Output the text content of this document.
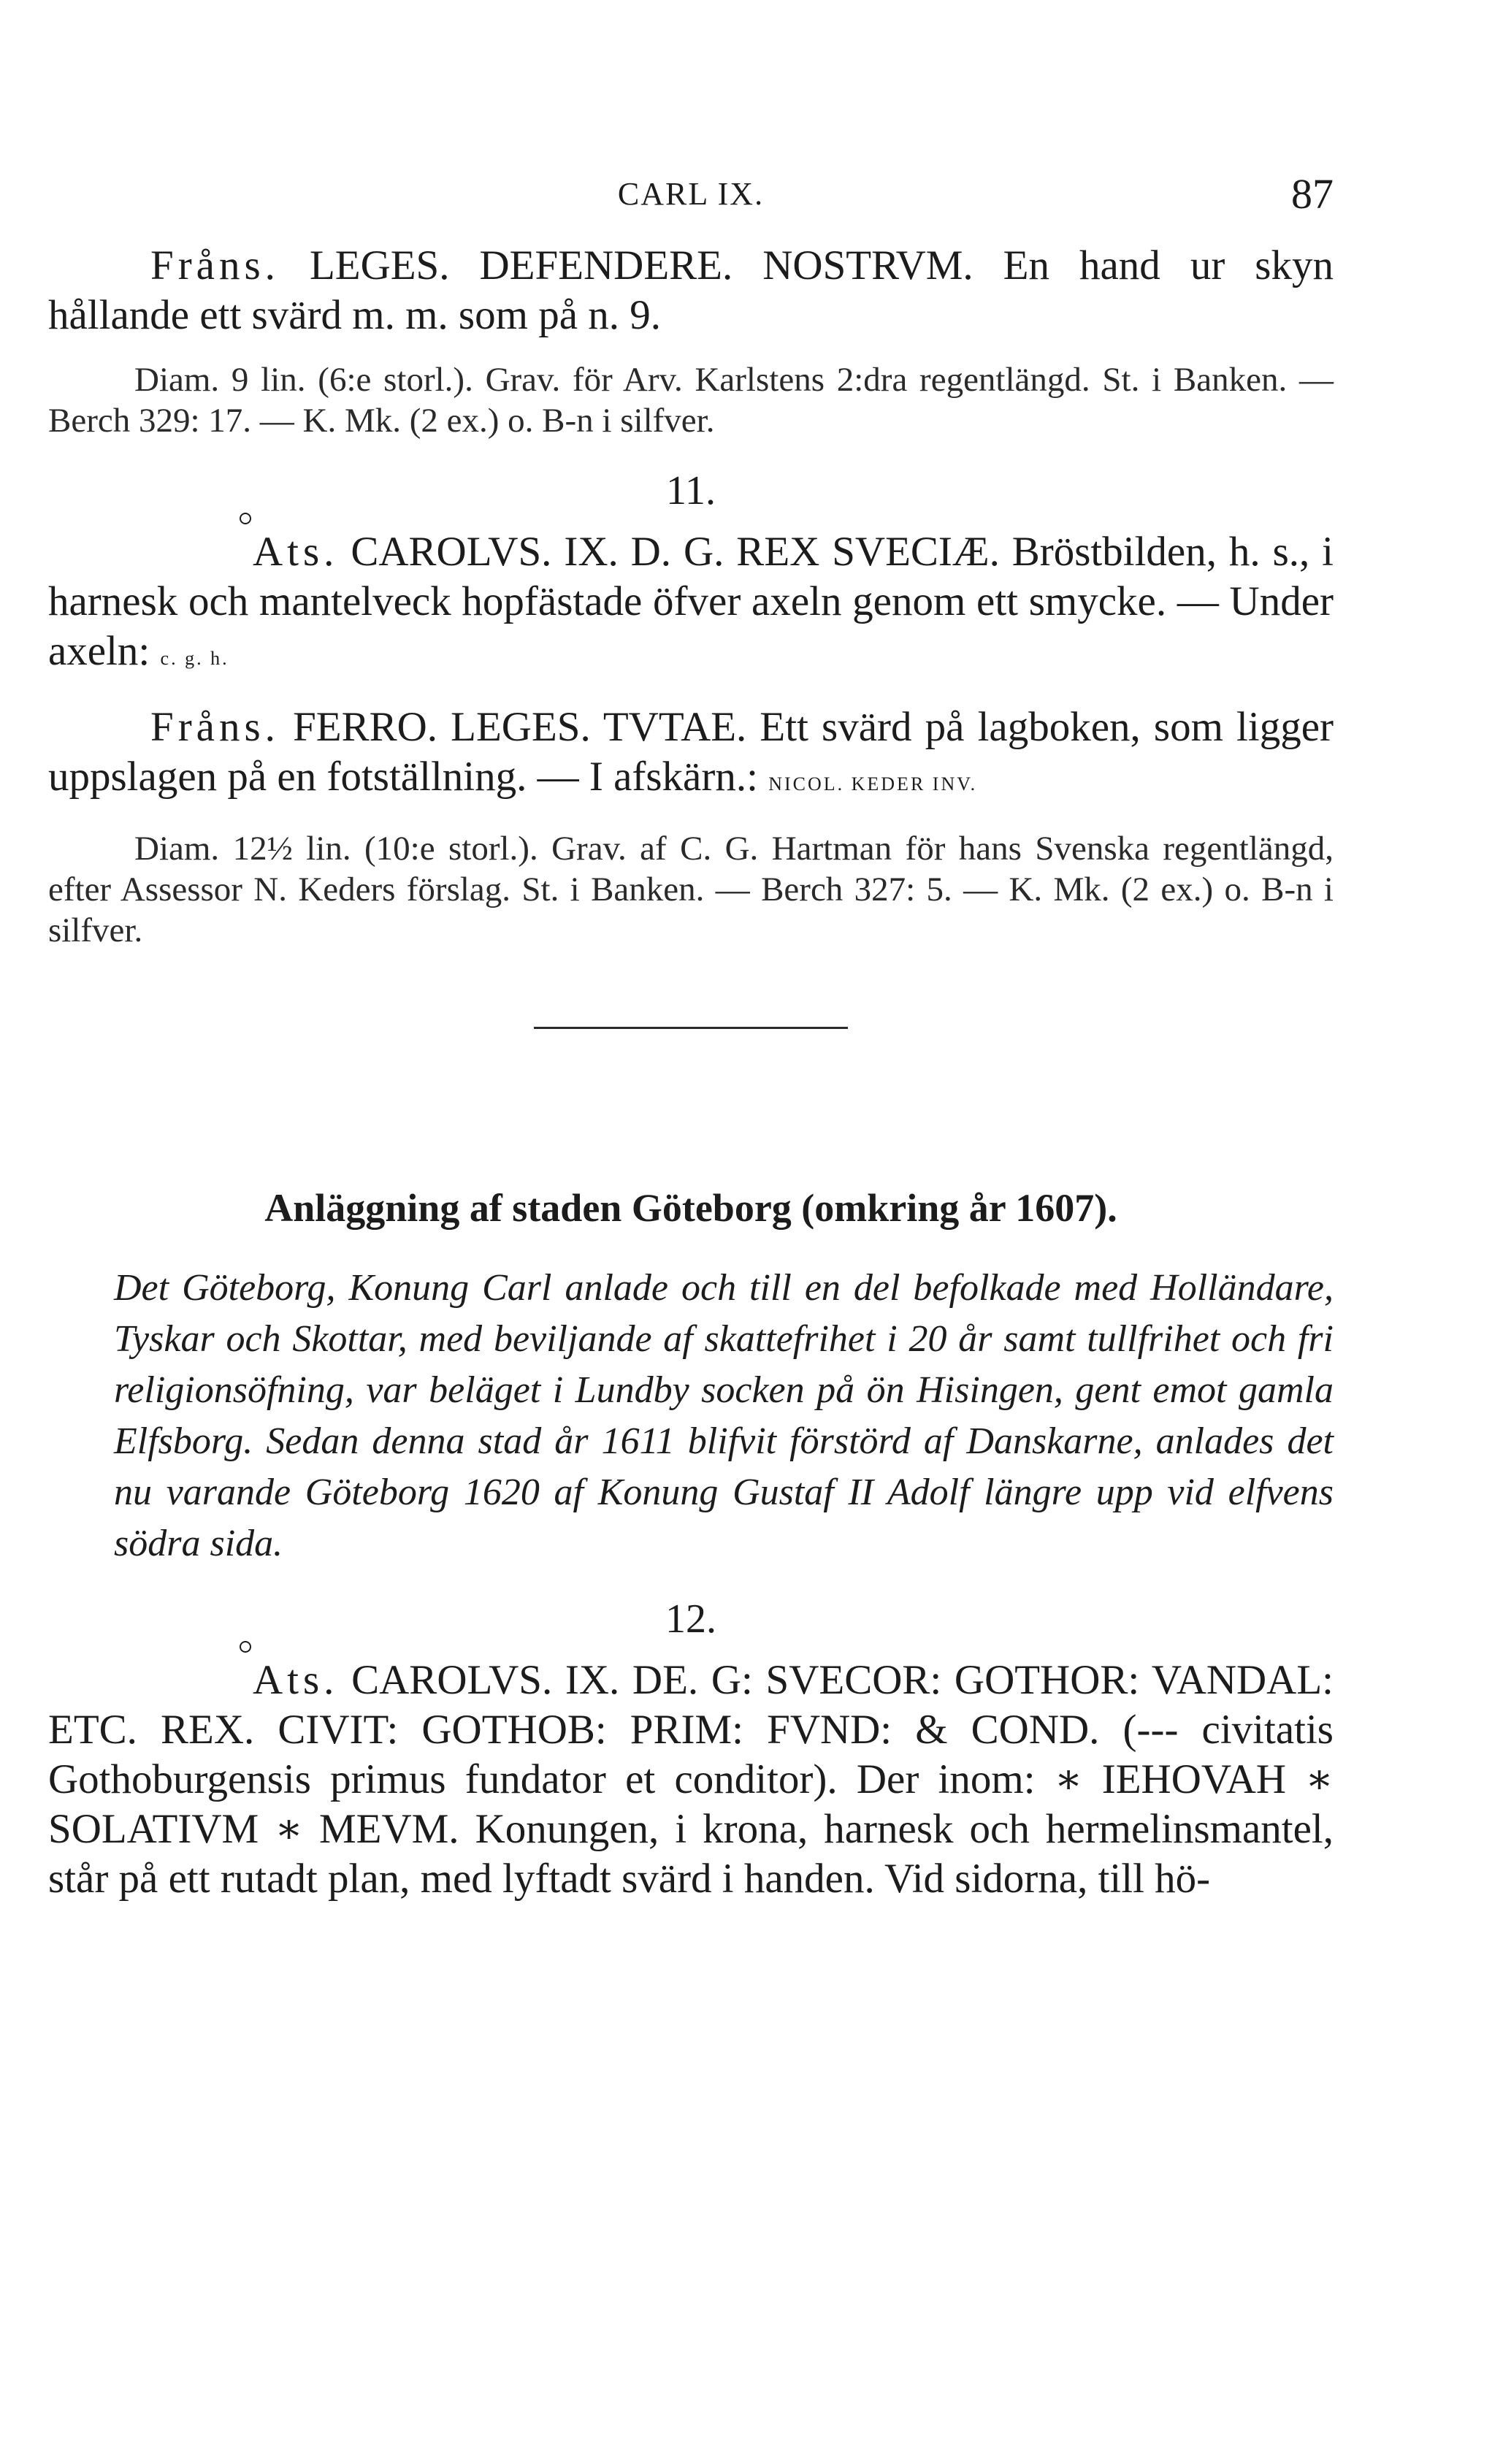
CARL IX.	87

Fråns. LEGES. DEFENDERE. NOSTRVM. En hand ur skyn hållande ett svärd m. m. som på n. 9.

Diam. 9 lin. (6:e storl.). Grav. för Arv. Karlstens 2:dra regentlängd. St. i Banken. — Berch 329: 17. — K. Mk. (2 ex.) o. B-n i silfver.

11.

Ats. CAROLVS. IX. D. G. REX SVECIÆ. Bröstbilden, h. s., i harnesk och mantelveck hopfästade öfver axeln genom ett smycke. — Under axeln: c. g. h.

Fråns. FERRO. LEGES. TVTAE. Ett svärd på lagboken, som ligger uppslagen på en fotställning. — I afskärn.: NICOL. KEDER INV.

Diam. 12½ lin. (10:e storl.). Grav. af C. G. Hartman för hans Svenska regentlängd, efter Assessor N. Keders förslag. St. i Banken. — Berch 327: 5. — K. Mk. (2 ex.) o. B-n i silfver.

Anläggning af staden Göteborg (omkring år 1607).

Det Göteborg, Konung Carl anlade och till en del befolkade med Holländare, Tyskar och Skottar, med beviljande af skattefrihet i 20 år samt tullfrihet och fri religionsöfning, var beläget i Lundby socken på ön Hisingen, gent emot gamla Elfsborg. Sedan denna stad år 1611 blifvit förstörd af Danskarne, anlades det nu varande Göteborg 1620 af Konung Gustaf II Adolf längre upp vid elfvens södra sida.

12.

Ats. CAROLVS. IX. DE. G: SVECOR: GOTHOR: VANDAL: ETC. REX. CIVIT: GOTHOB: PRIM: FVND: & COND. (--- civitatis Gothoburgensis primus fundator et conditor). Der inom: ∗ IEHOVAH ∗ SOLATIVM ∗ MEVM. Konungen, i krona, harnesk och hermelinsmantel, står på ett rutadt plan, med lyftadt svärd i handen. Vid sidorna, till hö-
